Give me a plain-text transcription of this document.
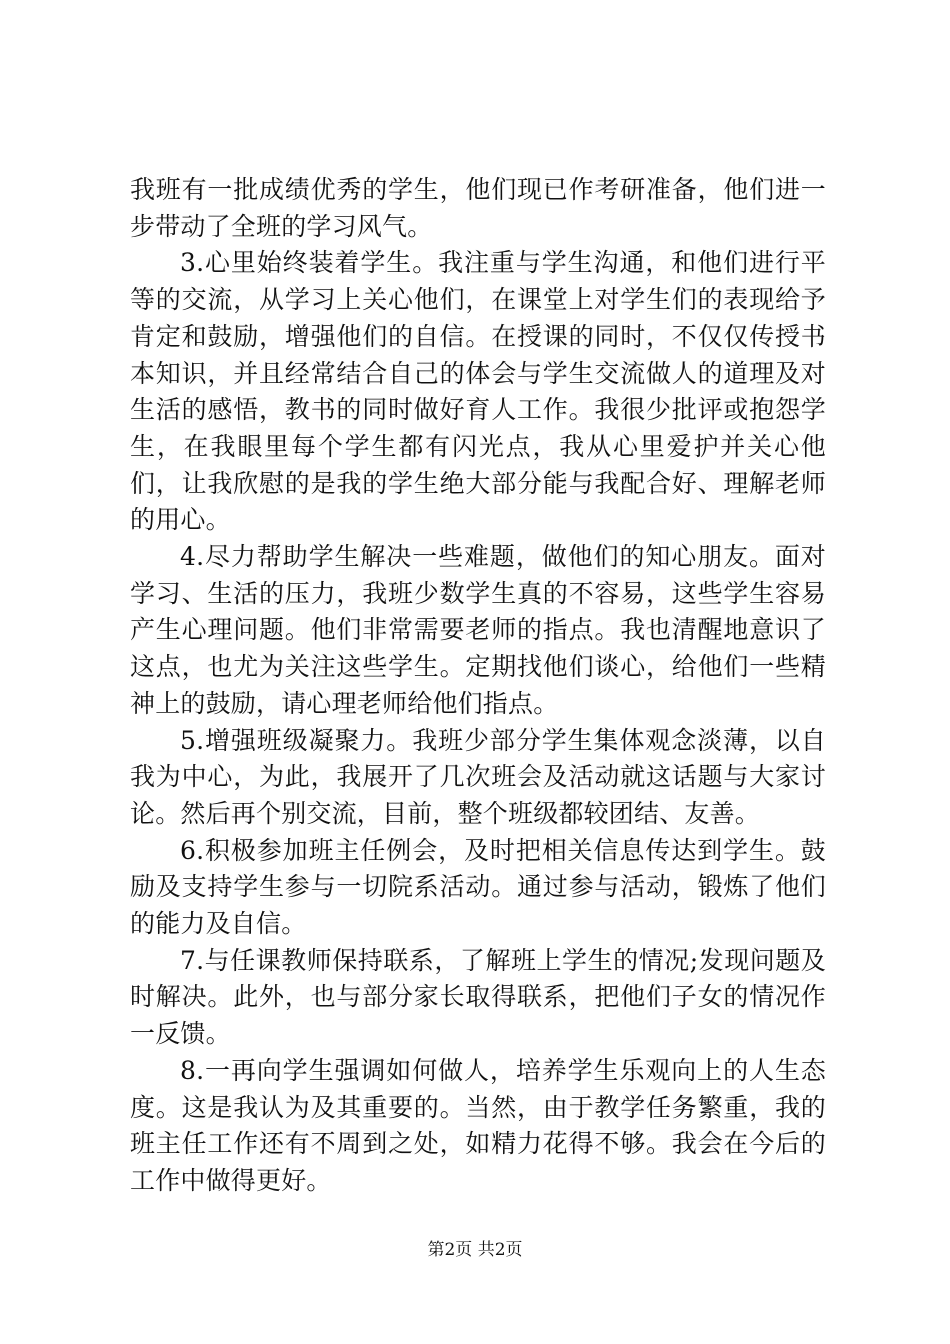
我班有一批成绩优秀的学生，他们现已作考研准备，他们进一步带动了全班的学习风气。

3.心里始终装着学生。我注重与学生沟通，和他们进行平等的交流，从学习上关心他们，在课堂上对学生们的表现给予肯定和鼓励，增强他们的自信。在授课的同时，不仅仅传授书本知识，并且经常结合自己的体会与学生交流做人的道理及对生活的感悟，教书的同时做好育人工作。我很少批评或抱怨学生，在我眼里每个学生都有闪光点，我从心里爱护并关心他们，让我欣慰的是我的学生绝大部分能与我配合好、理解老师的用心。

4.尽力帮助学生解决一些难题，做他们的知心朋友。面对学习、生活的压力，我班少数学生真的不容易，这些学生容易产生心理问题。他们非常需要老师的指点。我也清醒地意识了这点，也尤为关注这些学生。定期找他们谈心，给他们一些精神上的鼓励，请心理老师给他们指点。

5.增强班级凝聚力。我班少部分学生集体观念淡薄，以自我为中心，为此，我展开了几次班会及活动就这话题与大家讨论。然后再个别交流，目前，整个班级都较团结、友善。

6.积极参加班主任例会，及时把相关信息传达到学生。鼓励及支持学生参与一切院系活动。通过参与活动，锻炼了他们的能力及自信。

7.与任课教师保持联系，了解班上学生的情况;发现问题及时解决。此外，也与部分家长取得联系，把他们子女的情况作一反馈。

8.一再向学生强调如何做人，培养学生乐观向上的人生态度。这是我认为及其重要的。当然，由于教学任务繁重，我的班主任工作还有不周到之处，如精力花得不够。我会在今后的工作中做得更好。

第2页 共2页
